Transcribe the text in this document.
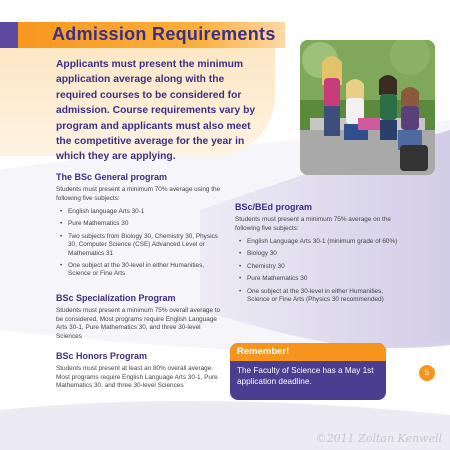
Admission Requirements

Applicants must present the minimum application average along with the required courses to be considered for admission. Course requirements vary by program and applicants must also meet the competitive average for the year in which they are applying.

The BSc General program

Students must present a minimum 70% average using the following five subjects:

• English language Arts 30-1
• Pure Mathematics 30
• Two subjects from Biology 30, Chemistry 30, Physics 30, Computer Science (CSE) Advanced Level or Mathematics 31
• One subject at the 30-level in either Humanities, Science or Fine Arts
BSc Specialization Program

Students must present a minimum 75% overall average to be considered. Most programs require English Language Arts 30-1, Pure Mathematics 30, and three 30-level Sciences

BSc Honors Program

Students must present at least an 80% overall average. Most programs require English Language Arts 30-1, Pure Mathematics 30, and three 30-level Sciences

BSc/BEd program

Students must present a minimum 75% average on the following five subjects:

• English Language Arts 30-1 (minimum grade of 60%)
• Biology 30
• Chemistry 30
• Pure Mathematics 30
• One subject at the 30-level in either Humanities, Science or Fine Arts (Physics 30 recommended)
Remember!
The Faculty of Science has a May 1st application deadline.
5
©2011 Zoltan Kenwell
